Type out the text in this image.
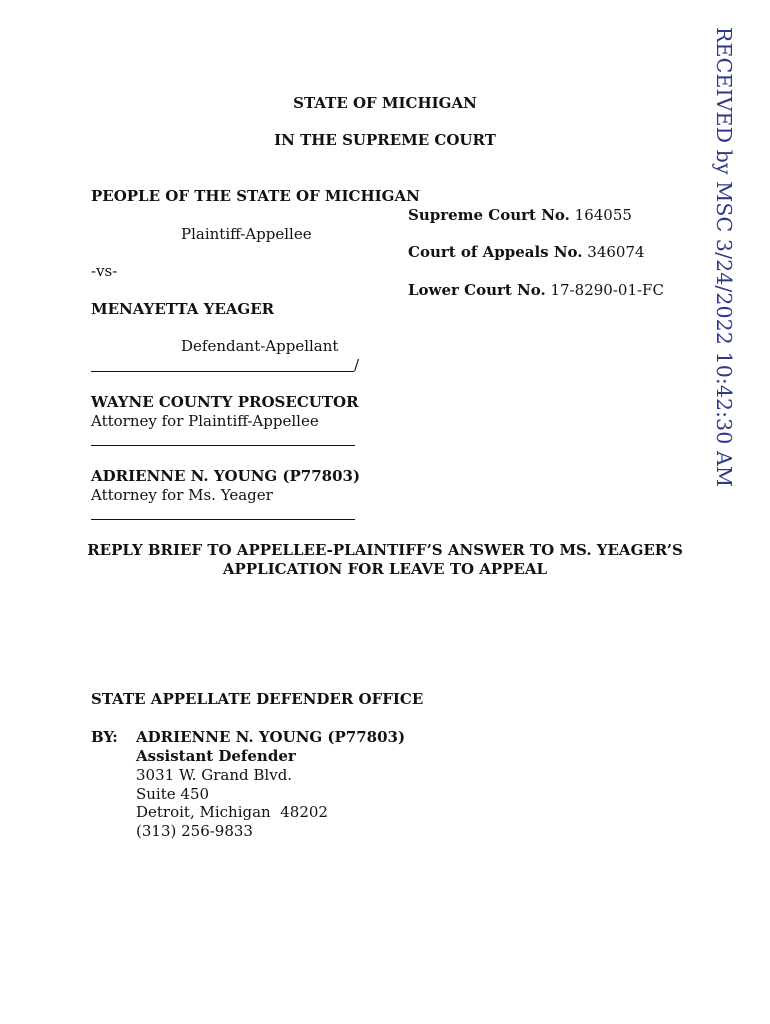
RECEIVED by MSC 3/24/2022 10:42:30 AM
STATE OF MICHIGAN
IN THE SUPREME COURT
PEOPLE OF THE STATE OF MICHIGAN
Plaintiff-Appellee
-vs-
MENAYETTA YEAGER
Defendant-Appellant
/
Supreme Court No. 164055
Court of Appeals No. 346074
Lower Court No. 17-8290-01-FC
WAYNE COUNTY PROSECUTOR
Attorney for Plaintiff-Appellee
ADRIENNE N. YOUNG (P77803)
Attorney for Ms. Yeager
REPLY BRIEF TO APPELLEE-PLAINTIFF’S ANSWER TO MS. YEAGER’S
APPLICATION FOR LEAVE TO APPEAL
STATE APPELLATE DEFENDER OFFICE
BY: ADRIENNE N. YOUNG (P77803)
Assistant Defender
3031 W. Grand Blvd.
Suite 450
Detroit, Michigan  48202
(313) 256-9833
